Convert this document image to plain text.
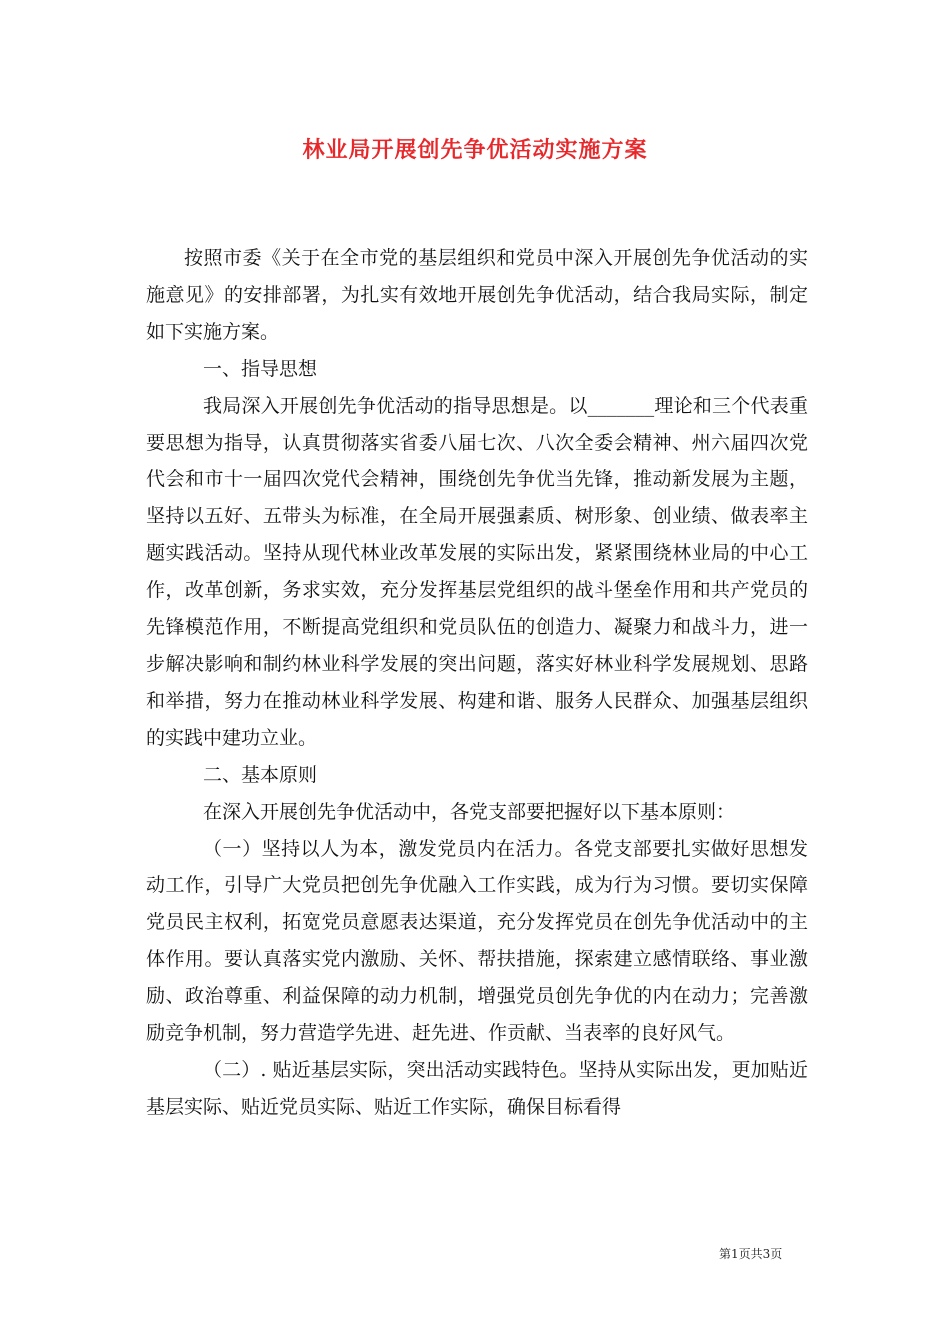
林业局开展创先争优活动实施方案

按照市委《关于在全市党的基层组织和党员中深入开展创先争优活动的实施意见》的安排部署，为扎实有效地开展创先争优活动，结合我局实际，制定如下实施方案。

一、指导思想

我局深入开展创先争优活动的指导思想是。以_______理论和三个代表重要思想为指导，认真贯彻落实省委八届七次、八次全委会精神、州六届四次党代会和市十一届四次党代会精神，围绕创先争优当先锋，推动新发展为主题，坚持以五好、五带头为标准，在全局开展强素质、树形象、创业绩、做表率主题实践活动。坚持从现代林业改革发展的实际出发，紧紧围绕林业局的中心工作，改革创新，务求实效，充分发挥基层党组织的战斗堡垒作用和共产党员的先锋模范作用，不断提高党组织和党员队伍的创造力、凝聚力和战斗力，进一步解决影响和制约林业科学发展的突出问题，落实好林业科学发展规划、思路和举措，努力在推动林业科学发展、构建和谐、服务人民群众、加强基层组织的实践中建功立业。

二、基本原则

在深入开展创先争优活动中，各党支部要把握好以下基本原则：

（一）坚持以人为本，激发党员内在活力。各党支部要扎实做好思想发动工作，引导广大党员把创先争优融入工作实践，成为行为习惯。要切实保障党员民主权利，拓宽党员意愿表达渠道，充分发挥党员在创先争优活动中的主体作用。要认真落实党内激励、关怀、帮扶措施，探索建立感情联络、事业激励、政治尊重、利益保障的动力机制，增强党员创先争优的内在动力；完善激励竞争机制，努力营造学先进、赶先进、作贡献、当表率的良好风气。

（二）. 贴近基层实际，突出活动实践特色。坚持从实际出发，更加贴近基层实际、贴近党员实际、贴近工作实际，确保目标看得

第1页共3页
